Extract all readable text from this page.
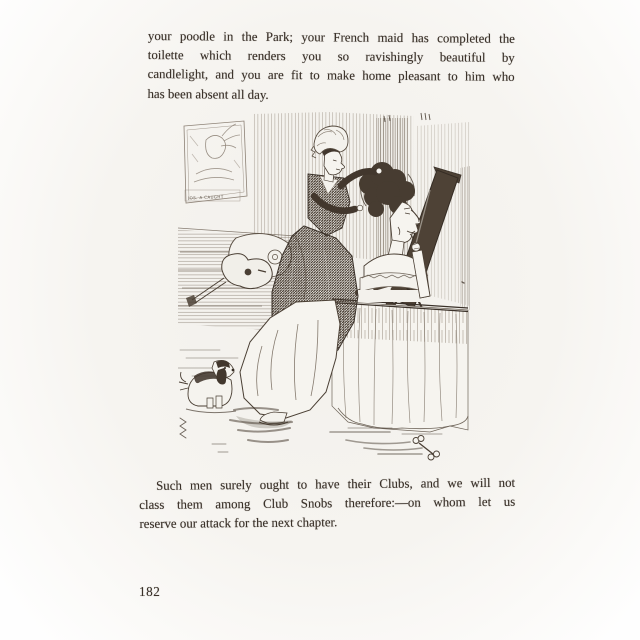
your poodle in the Park; your French maid has completed the
toilette which renders you so ravishingly beautiful by
candlelight, and you are fit to make home pleasant to him who
has been absent all day.
JOS. A CAUGHT
Such men surely ought to have their Clubs, and we will not
class them among Club Snobs therefore:—on whom let us
reserve our attack for the next chapter.
182
